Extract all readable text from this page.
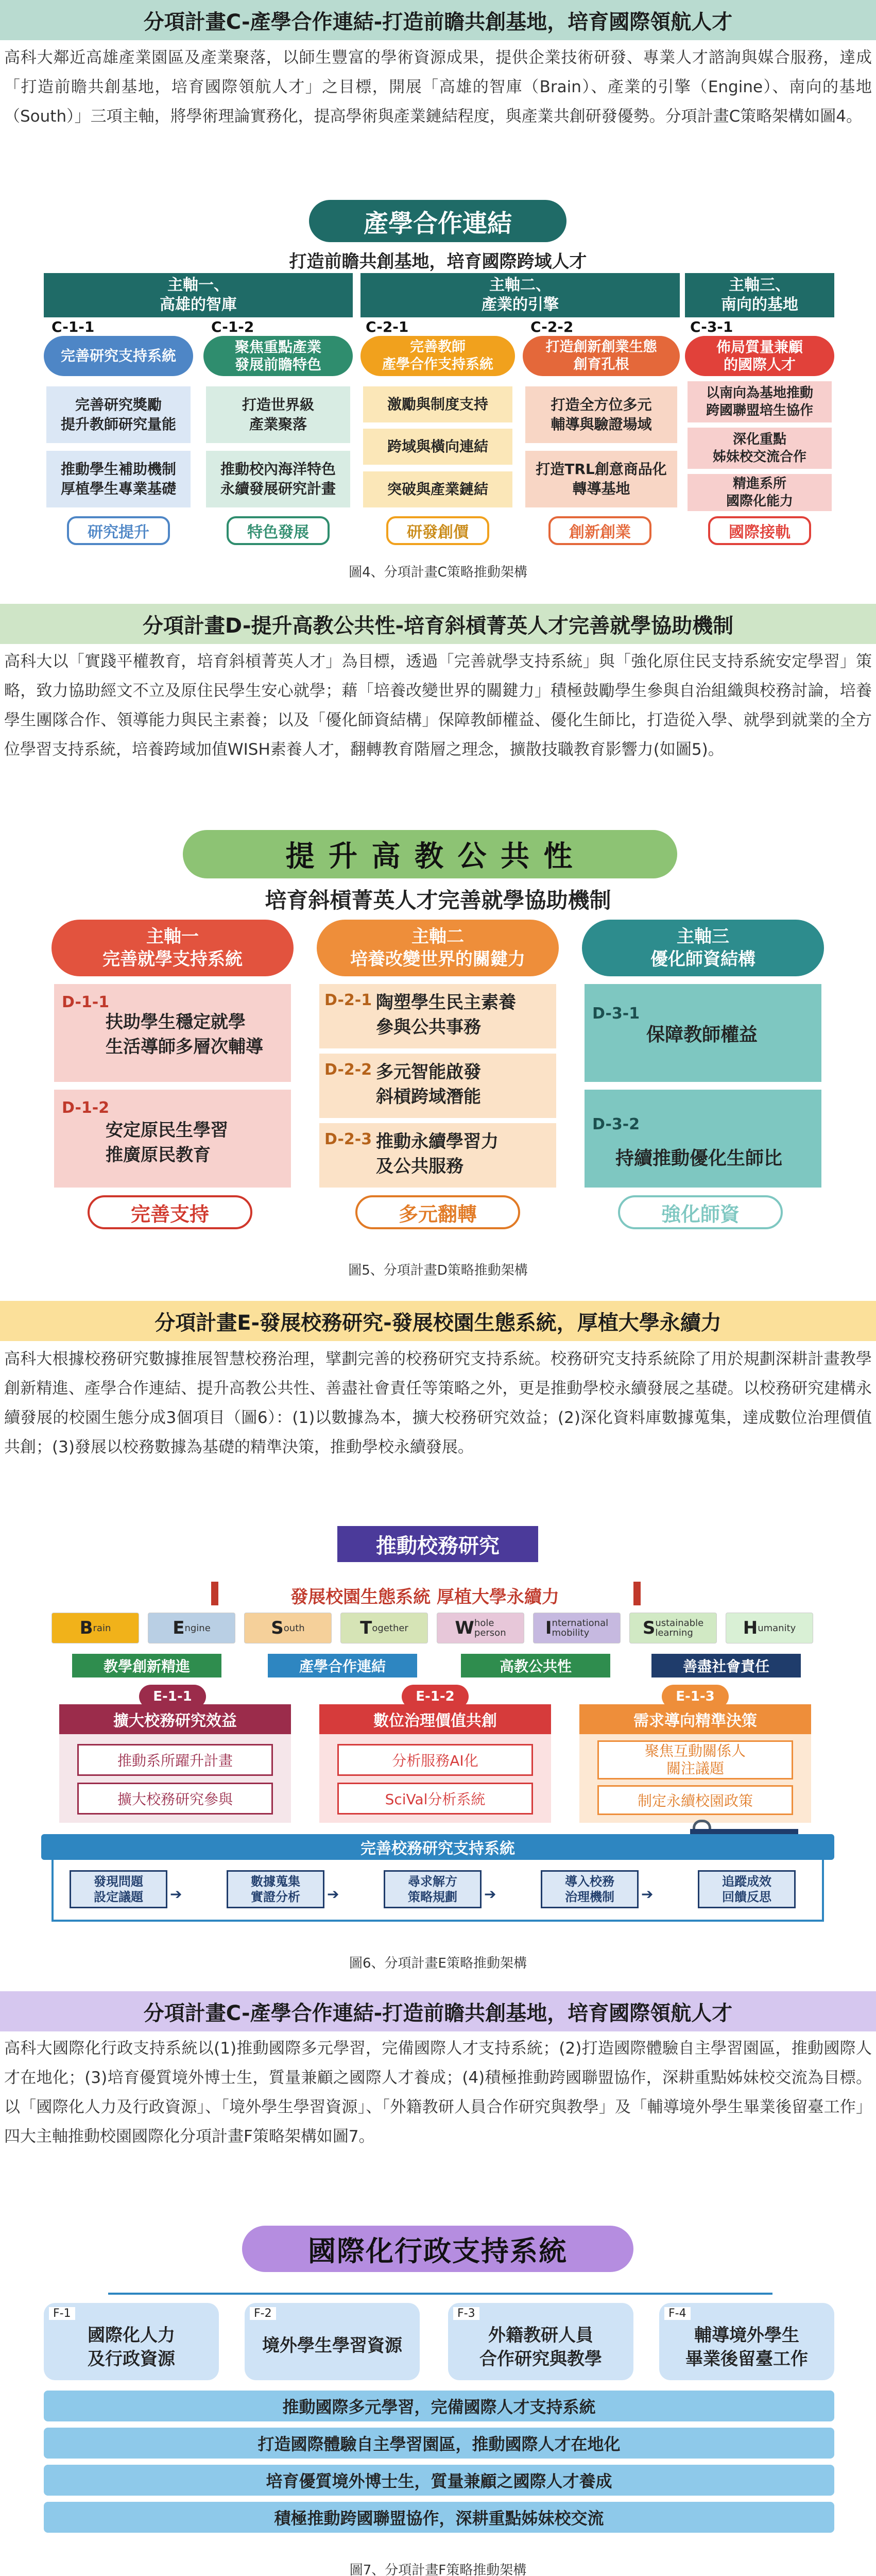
分項計畫C-產學合作連結-打造前瞻共創基地，培育國際領航人才
高科大鄰近高雄產業園區及產業聚落，以師生豐富的學術資源成果，提供企業技術研發、專業人才諮詢與媒合服務，達成「打造前瞻共創基地，培育國際領航人才」之目標，開展「高雄的智庫（Brain）、產業的引擎（Engine）、南向的基地（South）」三項主軸，將學術理論實務化，提高學術與產業鏈結程度，與產業共創研發優勢。分項計畫C策略架構如圖4。
產學合作連結
打造前瞻共創基地，培育國際跨域人才
主軸一、
高雄的智庫
主軸二、
產業的引擎
主軸三、
南向的基地
C-1-1	C-1-2	C-2-1	C-2-2	C-3-1
完善研究支持系統
聚焦重點產業
發展前瞻特色
完善教師
產學合作支持系統
打造創新創業生態
創育孔根
佈局質量兼顧
的國際人才
完善研究獎勵
提升教師研究量能
推動學生補助機制
厚植學生專業基礎
打造世界級
產業聚落
推動校內海洋特色
永續發展研究計畫
激勵與制度支持
跨域與橫向連結
突破與產業鏈結
打造全方位多元
輔導與驗證場域
打造TRL創意商品化
轉導基地
以南向為基地推動
跨國聯盟培生協作
深化重點
姊妹校交流合作
精進系所
國際化能力
研究提升	特色發展	研發創價	創新創業	國際接軌
圖4、分項計畫C策略推動架構
分項計畫D-提升高教公共性-培育斜槓菁英人才完善就學協助機制
高科大以「實踐平權教育，培育斜槓菁英人才」為目標，透過「完善就學支持系統」與「強化原住民支持系統安定學習」策略，致力協助經文不立及原住民學生安心就學；藉「培養改變世界的關鍵力」積極鼓勵學生參與自治組織與校務討論，培養學生團隊合作、領導能力與民主素養；以及「優化師資結構」保障教師權益、優化生師比，打造從入學、就學到就業的全方位學習支持系統，培養跨域加值WISH素養人才，翻轉教育階層之理念，擴散技職教育影響力(如圖5)。
提 升 高 教 公 共 性
培育斜槓菁英人才完善就學協助機制
主軸一
完善就學支持系統
主軸二
培養改變世界的關鍵力
主軸三
優化師資結構
D-1-1
扶助學生穩定就學
生活導師多層次輔導
D-1-2
安定原民生學習
推廣原民教育
D-2-1 陶塑學生民主素養
參與公共事務
D-2-2 多元智能啟發
斜槓跨域潛能
D-2-3 推動永續學習力
及公共服務
D-3-1
保障教師權益
D-3-2
持續推動優化生師比
完善支持	多元翻轉	強化師資
圖5、分項計畫D策略推動架構
分項計畫E-發展校務研究-發展校園生態系統，厚植大學永續力
高科大根據校務研究數據推展智慧校務治理，擘劃完善的校務研究支持系統。校務研究支持系統除了用於規劃深耕計畫教學創新精進、產學合作連結、提升高教公共性、善盡社會責任等策略之外，更是推動學校永續發展之基礎。以校務研究建構永續發展的校園生態分成3個項目（圖6）：(1)以數據為本，擴大校務研究效益；(2)深化資料庫數據蒐集，達成數位治理價值共創；(3)發展以校務數據為基礎的精準決策，推動學校永續發展。
推動校務研究
發展校園生態系統 厚植大學永續力
B rain	E ngine	S outh	T ogether	W hole
person I nternational
mobility	S ustainable
learning	H umanity
教學創新精進	產學合作連結	高教公共性	善盡社會責任
E-1-1	E-1-2	E-1-3
擴大校務研究效益	數位治理價值共創	需求導向精準決策
推動系所躍升計畫
擴大校務研究參與
分析服務AI化
SciVal分析系統
聚焦互動關係人
關注議題
制定永續校園政策
完善校務研究支持系統
發現問題
設定議題	➔
數據蒐集
實證分析	➔
尋求解方
策略規劃	➔
導入校務
治理機制	➔
追蹤成效
回饋反思
圖6、分項計畫E策略推動架構
分項計畫C-產學合作連結-打造前瞻共創基地，培育國際領航人才
高科大國際化行政支持系統以(1)推動國際多元學習，完備國際人才支持系統；(2)打造國際體驗自主學習園區，推動國際人才在地化；(3)培育優質境外博士生，質量兼顧之國際人才養成；(4)積極推動跨國聯盟協作，深耕重點姊妹校交流為目標。以「國際化人力及行政資源」、「境外學生學習資源」、「外籍教研人員合作研究與教學」及「輔導境外學生畢業後留臺工作」四大主軸推動校園國際化分項計畫F策略架構如圖7。
國際化行政支持系統
F-1
國際化人力
及行政資源
F-2
境外學生學習資源
F-3
外籍教研人員
合作研究與教學
F-4
輔導境外學生
畢業後留臺工作
推動國際多元學習，完備國際人才支持系統
打造國際體驗自主學習園區，推動國際人才在地化
培育優質境外博士生，質量兼顧之國際人才養成
積極推動跨國聯盟協作，深耕重點姊妹校交流
圖7、分項計畫F策略推動架構
